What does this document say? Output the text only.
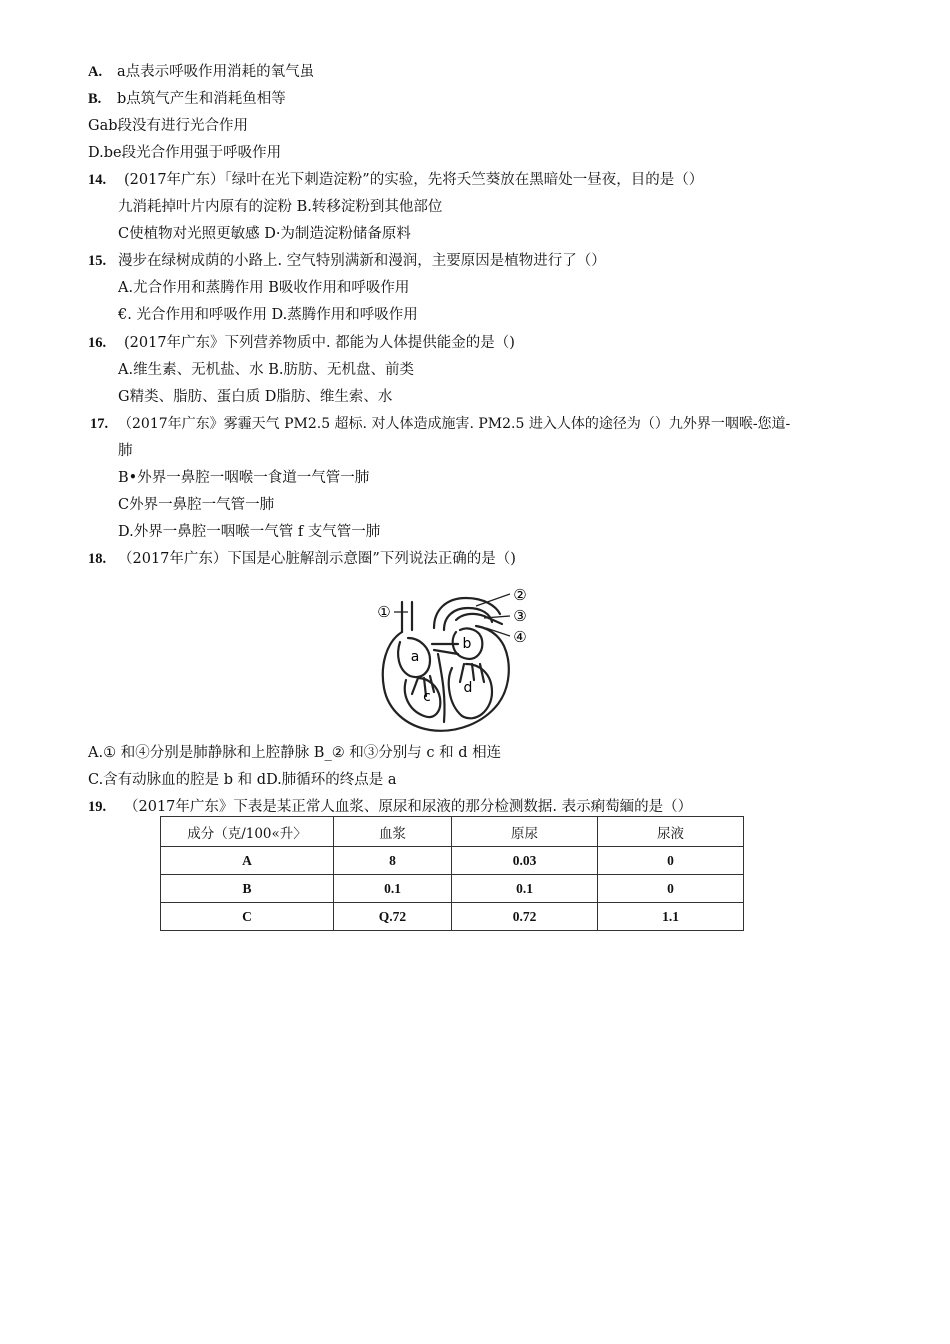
A. a点表示呼吸作用消耗的氧气虽
B. b点筑气产生和消耗鱼相等
Gab段没有进行光合作用
D.be段光合作用强于呼吸作用
14. (2017年广东）「绿叶在光下刺造淀粉”的实验，先将夭竺葵放在黑暗处一昼夜，目的是（）
九消耗掉叶片内原有的淀粉 B.转移淀粉到其他部位
C使植物对光照更敏感 D·为制造淀粉储备原料
15. 漫步在绿树成荫的小路上. 空气特别满新和漫润，主要原因是植物进行了（）
A.尤合作用和蒸腾作用 B吸收作用和呼吸作用
€. 光合作用和呼吸作用 D.蒸腾作用和呼吸作用
16. (2017年广东》下列营养物质中. 都能为人体提供能金的是（)
A.维生素、无机盐、水 B.肪肪、无机盘、前类
G精类、脂肪、蛋白质 D脂肪、维生索、水
17. （2017年广东》雾霾天气 PM2.5 超标. 对人体造成施害. PM2.5 进入人体的途径为（）九外界一咽喉-您道-
肺
B•外界一鼻腔一咽喉一食道一气管一肺
C外界一鼻腔一气管一肺
D.外界一鼻腔一咽喉一气管 f 支气管一肺
18. （2017年广东）下国是心脏解剖示意圈”下列说法正确的是（)
①
②
③
④
a
b
c
d
A.① 和④分别是肺静脉和上腔静脉 B_② 和③分别与 c 和 d 相连
C.含有动脉血的腔是 b 和 dD.肺循环的终点是 a
19. （2017年广东》下表是某正常人血浆、原尿和尿液的那分检测数据. 表示痢萄緬的是（）
成分（克/100«升〉	血浆	原尿	尿液
A	8	0.03	0
B	0.1	0.1	0
C	Q.72	0.72	1.1
